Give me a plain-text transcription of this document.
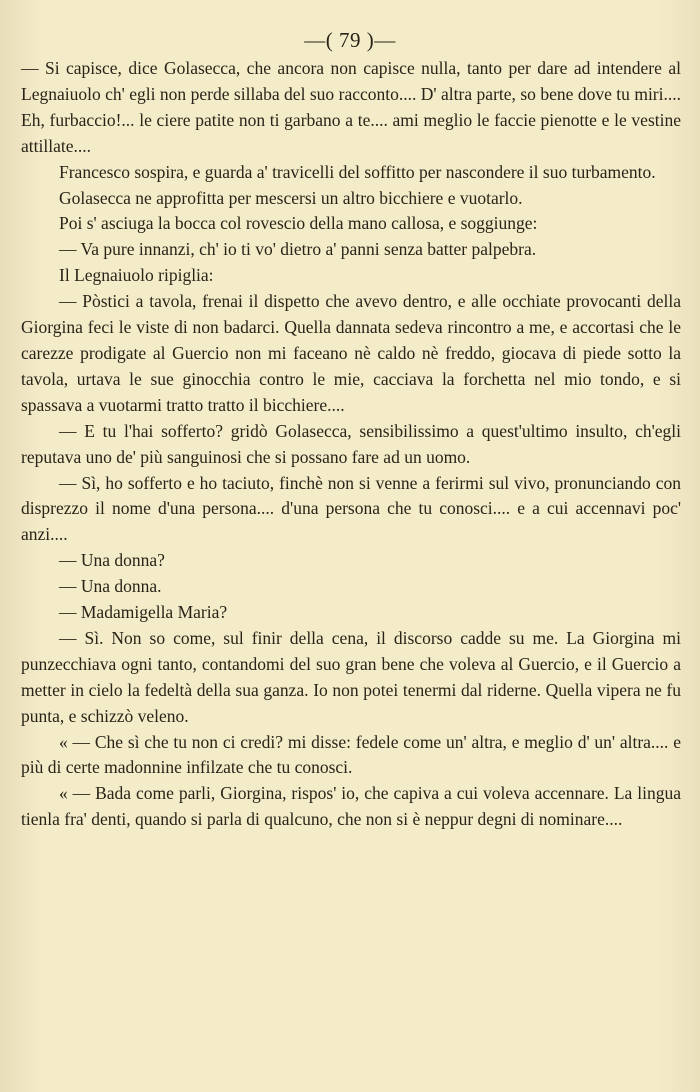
—( 79 )—

— Si capisce, dice Golasecca, che ancora non capisce nulla, tanto per dare ad intendere al Legnaiuolo ch' egli non perde sillaba del suo racconto.... D' altra parte, so bene dove tu miri.... Eh, furbaccio!... le ciere patite non ti garbano a te.... ami meglio le faccie pienotte e le vestine attillate....

Francesco sospira, e guarda a' travicelli del soffitto per nascondere il suo turbamento.

Golasecca ne approfitta per mescersi un altro bicchiere e vuotarlo.

Poi s' asciuga la bocca col rovescio della mano callosa, e soggiunge:

— Va pure innanzi, ch' io ti vo' dietro a' panni senza batter palpebra.

Il Legnaiuolo ripiglia:

— Pòstici a tavola, frenai il dispetto che avevo dentro, e alle occhiate provocanti della Giorgina feci le viste di non badarci. Quella dannata sedeva rincontro a me, e accortasi che le carezze prodigate al Guercio non mi faceano nè caldo nè freddo, giocava di piede sotto la tavola, urtava le sue ginocchia contro le mie, cacciava la forchetta nel mio tondo, e si spassava a vuotarmi tratto tratto il bicchiere....

— E tu l'hai sofferto? gridò Golasecca, sensibilissimo a quest'ultimo insulto, ch'egli reputava uno de' più sanguinosi che si possano fare ad un uomo.

— Sì, ho sofferto e ho taciuto, finchè non si venne a ferirmi sul vivo, pronunciando con disprezzo il nome d'una persona.... d'una persona che tu conosci.... e a cui accennavi poc' anzi....

— Una donna?

— Una donna.

— Madamigella Maria?

— Sì. Non so come, sul finir della cena, il discorso cadde su me. La Giorgina mi punzecchiava ogni tanto, contandomi del suo gran bene che voleva al Guercio, e il Guercio a metter in cielo la fedeltà della sua ganza. Io non potei tenermi dal riderne. Quella vipera ne fu punta, e schizzò veleno.

« — Che sì che tu non ci credi? mi disse: fedele come un' altra, e meglio d' un' altra.... e più di certe madonnine infilzate che tu conosci.

« — Bada come parli, Giorgina, rispos' io, che capiva a cui voleva accennare. La lingua tienla fra' denti, quando si parla di qualcuno, che non si è neppur degni di nominare....
